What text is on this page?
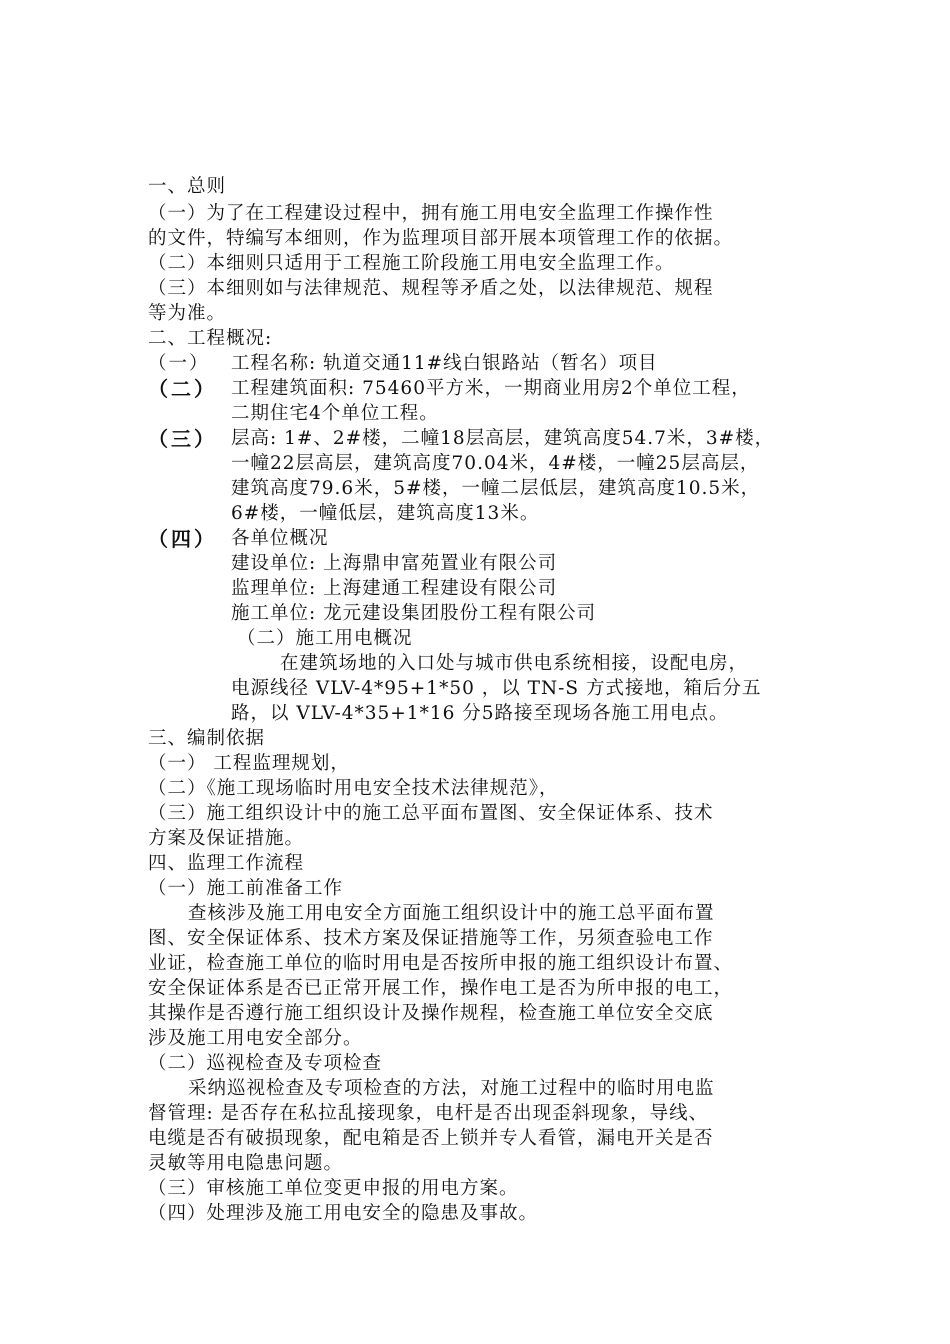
一、总则
（一）为了在工程建设过程中，拥有施工用电安全监理工作操作性
的文件，特编写本细则，作为监理项目部开展本项管理工作的依据。
（二）本细则只适用于工程施工阶段施工用电安全监理工作。
（三）本细则如与法律规范、规程等矛盾之处，以法律规范、规程
等为准。
二、工程概况:
（一） 工程名称: 轨道交通11#线白银路站（暂名）项目
（二） 工程建筑面积: 75460平方米，一期商业用房2个单位工程，
二期住宅4个单位工程。
（三） 层高: 1#、2#楼，二幢18层高层，建筑高度54.7米，3#楼，
一幢22层高层，建筑高度70.04米，4#楼，一幢25层高层，
建筑高度79.6米，5#楼，一幢二层低层，建筑高度10.5米，
6#楼，一幢低层，建筑高度13米。
（四） 各单位概况
建设单位: 上海鼎申富苑置业有限公司
监理单位: 上海建通工程建设有限公司
施工单位: 龙元建设集团股份工程有限公司
（二）施工用电概况
在建筑场地的入口处与城市供电系统相接，设配电房，
电源线径 VLV-4*95+1*50 ，以 TN-S 方式接地，箱后分五
路，以 VLV-4*35+1*16 分5路接至现场各施工用电点。
三、编制依据
（一） 工程监理规划，
（二）《施工现场临时用电安全技术法律规范》，
（三）施工组织设计中的施工总平面布置图、安全保证体系、技术
方案及保证措施。
四、监理工作流程
（一）施工前准备工作
查核涉及施工用电安全方面施工组织设计中的施工总平面布置
图、安全保证体系、技术方案及保证措施等工作，另须查验电工作
业证，检查施工单位的临时用电是否按所申报的施工组织设计布置、
安全保证体系是否已正常开展工作，操作电工是否为所申报的电工，
其操作是否遵行施工组织设计及操作规程，检查施工单位安全交底
涉及施工用电安全部分。
（二）巡视检查及专项检查
采纳巡视检查及专项检查的方法，对施工过程中的临时用电监
督管理: 是否存在私拉乱接现象，电杆是否出现歪斜现象，导线、
电缆是否有破损现象，配电箱是否上锁并专人看管，漏电开关是否
灵敏等用电隐患问题。
（三）审核施工单位变更申报的用电方案。
（四）处理涉及施工用电安全的隐患及事故。
